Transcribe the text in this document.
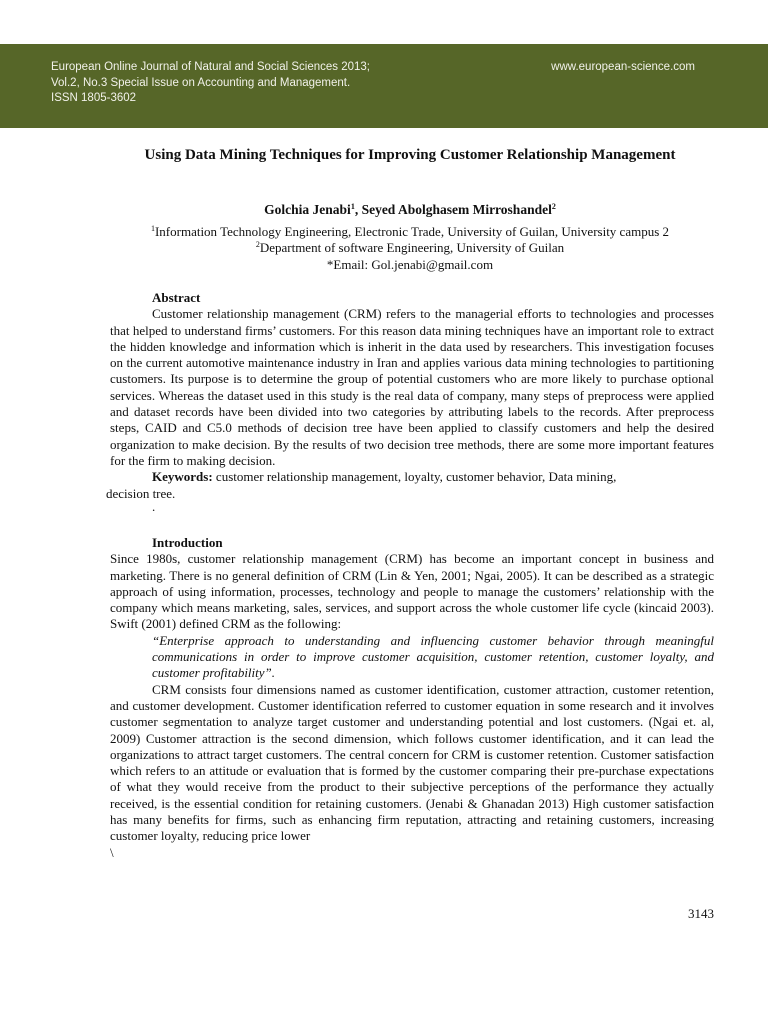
European Online Journal of Natural and Social Sciences 2013;
Vol.2, No.3 Special Issue on Accounting and Management.
ISSN 1805-3602
www.european-science.com
Using Data Mining Techniques for Improving Customer Relationship Management
Golchia Jenabi$^1$, Seyed Abolghasem Mirroshandel$^2$
$^1$Information Technology Engineering, Electronic Trade, University of Guilan, University campus 2
$^2$Department of software Engineering, University of Guilan
*Email: Gol.jenabi@gmail.com
Abstract

Customer relationship management (CRM) refers to the managerial efforts to technologies and processes that helped to understand firms’ customers. For this reason data mining techniques have an important role to extract the hidden knowledge and information which is inherit in the data used by researchers. This investigation focuses on the current automotive maintenance industry in Iran and applies various data mining technologies to partitioning customers. Its purpose is to determine the group of potential customers who are more likely to purchase optional services. Whereas the dataset used in this study is the real data of company, many steps of preprocess were applied and dataset records have been divided into two categories by attributing labels to the records. After preprocess steps, CAID and C5.0 methods of decision tree have been applied to classify customers and help the desired organization to make decision. By the results of two decision tree methods, there are some more important features for the firm to making decision.

Keywords: customer relationship management, loyalty, customer behavior, Data mining,

decision tree.

.
Introduction

Since 1980s, customer relationship management (CRM) has become an important concept in business and marketing. There is no general definition of CRM (Lin & Yen, 2001; Ngai, 2005). It can be described as a strategic approach of using information, processes, technology and people to manage the customers’ relationship with the company which means marketing, sales, services, and support across the whole customer life cycle (kincaid 2003). Swift (2001) defined CRM as the following:

“Enterprise approach to understanding and influencing customer behavior through meaningful communications in order to improve customer acquisition, customer retention, customer loyalty, and customer profitability”.

CRM consists four dimensions named as customer identification, customer attraction, customer retention, and customer development. Customer identification referred to customer equation in some research and it involves customer segmentation to analyze target customer and understanding potential and lost customers. (Ngai et. al, 2009) Customer attraction is the second dimension, which follows customer identification, and it can lead the organizations to attract target customers. The central concern for CRM is customer retention. Customer satisfaction which refers to an attitude or evaluation that is formed by the customer comparing their pre-purchase expectations of what they would receive from the product to their subjective perceptions of the performance they actually received, is the essential condition for retaining customers. (Jenabi & Ghanadan 2013) High customer satisfaction has many benefits for firms, such as enhancing firm reputation, attracting and retaining customers, increasing customer loyalty, reducing price lower

\

3143
